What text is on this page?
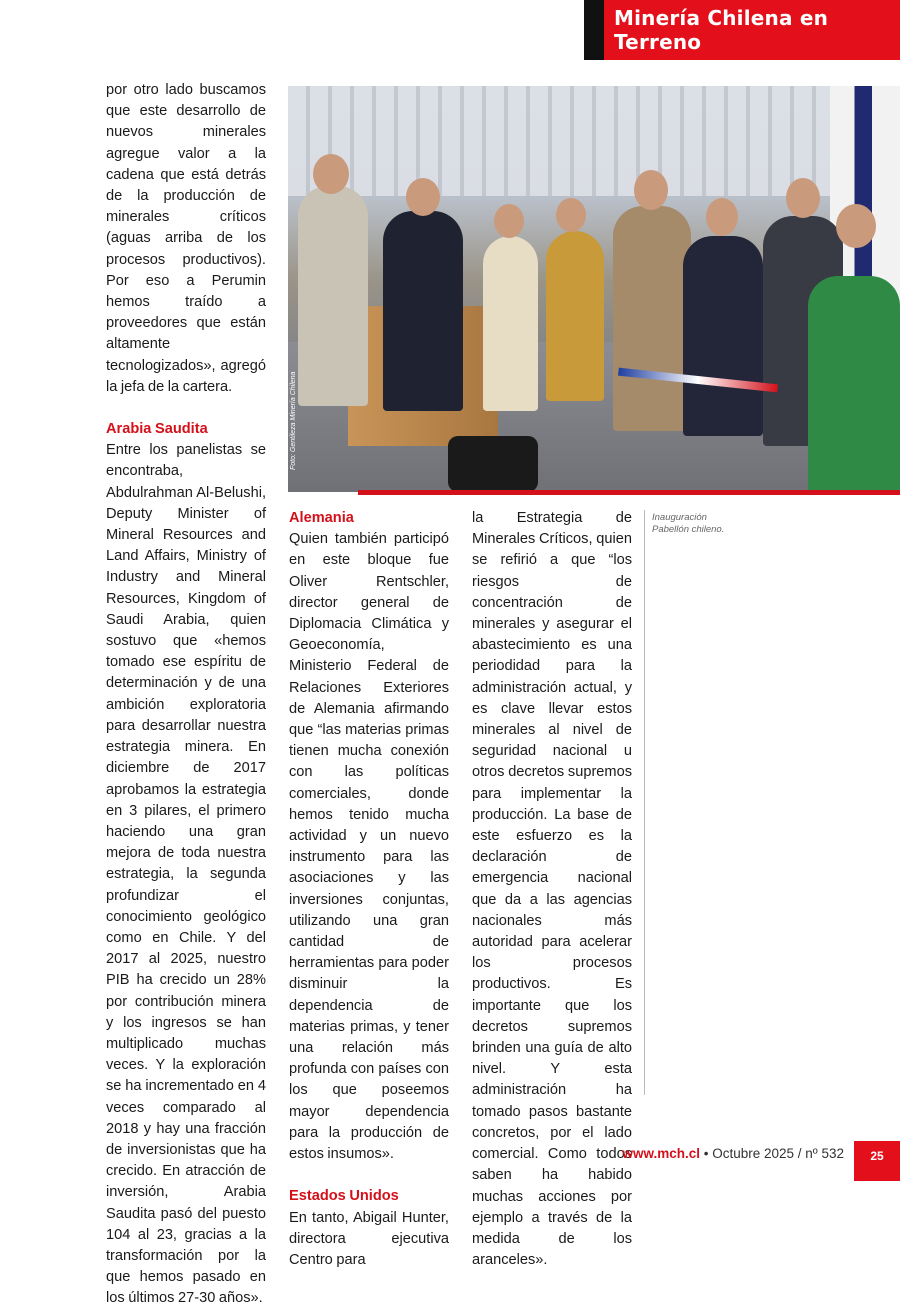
Minería Chilena en Terreno

por otro lado buscamos que este desarrollo de nuevos minerales agregue valor a la cadena que está detrás de la producción de minerales críticos (aguas arriba de los procesos productivos). Por eso a Perumin hemos traído a proveedores que están altamente tecnologizados», agregó la jefa de la cartera.

Arabia Saudita

Entre los panelistas se encontraba, Abdulrahman Al-Belushi, Deputy Minister of Mineral Resources and Land Affairs, Ministry of Industry and Mineral Resources, Kingdom of Saudi Arabia, quien sostuvo que «hemos tomado ese espíritu de determinación y de una ambición exploratoria para desarrollar nuestra estrategia minera. En diciembre de 2017 aprobamos la estrategia en 3 pilares, el primero haciendo una gran mejora de toda nuestra estrategia, la segunda profundizar el conocimiento geológico como en Chile. Y del 2017 al 2025, nuestro PIB ha crecido un 28% por contribución minera y los ingresos se han multiplicado muchas veces. Y la exploración se ha incrementado en 4 veces comparado al 2018 y hay una fracción de inversionistas que ha crecido. En atracción de inversión, Arabia Saudita pasó del puesto 104 al 23, gracias a la transformación por la que hemos pasado en los últimos 27-30 años».

Foto: Gentileza Minería Chilena
Alemania

Quien también participó en este bloque fue Oliver Rentschler, director general de Diplomacia Climática y Geoeconomía, Ministerio Federal de Relaciones Exteriores de Alemania afirmando que “las materias primas tienen mucha conexión con las políticas comerciales, donde hemos tenido mucha actividad y un nuevo instrumento para las asociaciones y las inversiones conjuntas, utilizando una gran cantidad de herramientas para poder disminuir la dependencia de materias primas, y tener una relación más profunda con países con los que poseemos mayor dependencia para la producción de estos insumos».

Estados Unidos

En tanto, Abigail Hunter, directora ejecutiva Centro para

la Estrategia de Minerales Críticos, quien se refirió a que “los riesgos de concentración de minerales y asegurar el abastecimiento es una periodidad para la administración actual, y es clave llevar estos minerales al nivel de seguridad nacional u otros decretos supremos para implementar la producción. La base de este esfuerzo es la declaración de emergencia nacional que da a las agencias nacionales más autoridad para acelerar los procesos productivos. Es importante que los decretos supremos brinden una guía de alto nivel. Y esta administración ha tomado pasos bastante concretos, por el lado comercial. Como todos saben ha habido muchas acciones por ejemplo a través de la medida de los aranceles».

Inauguración
Pabellón chileno.
www.mch.cl • Octubre 2025 / nº 532	25
